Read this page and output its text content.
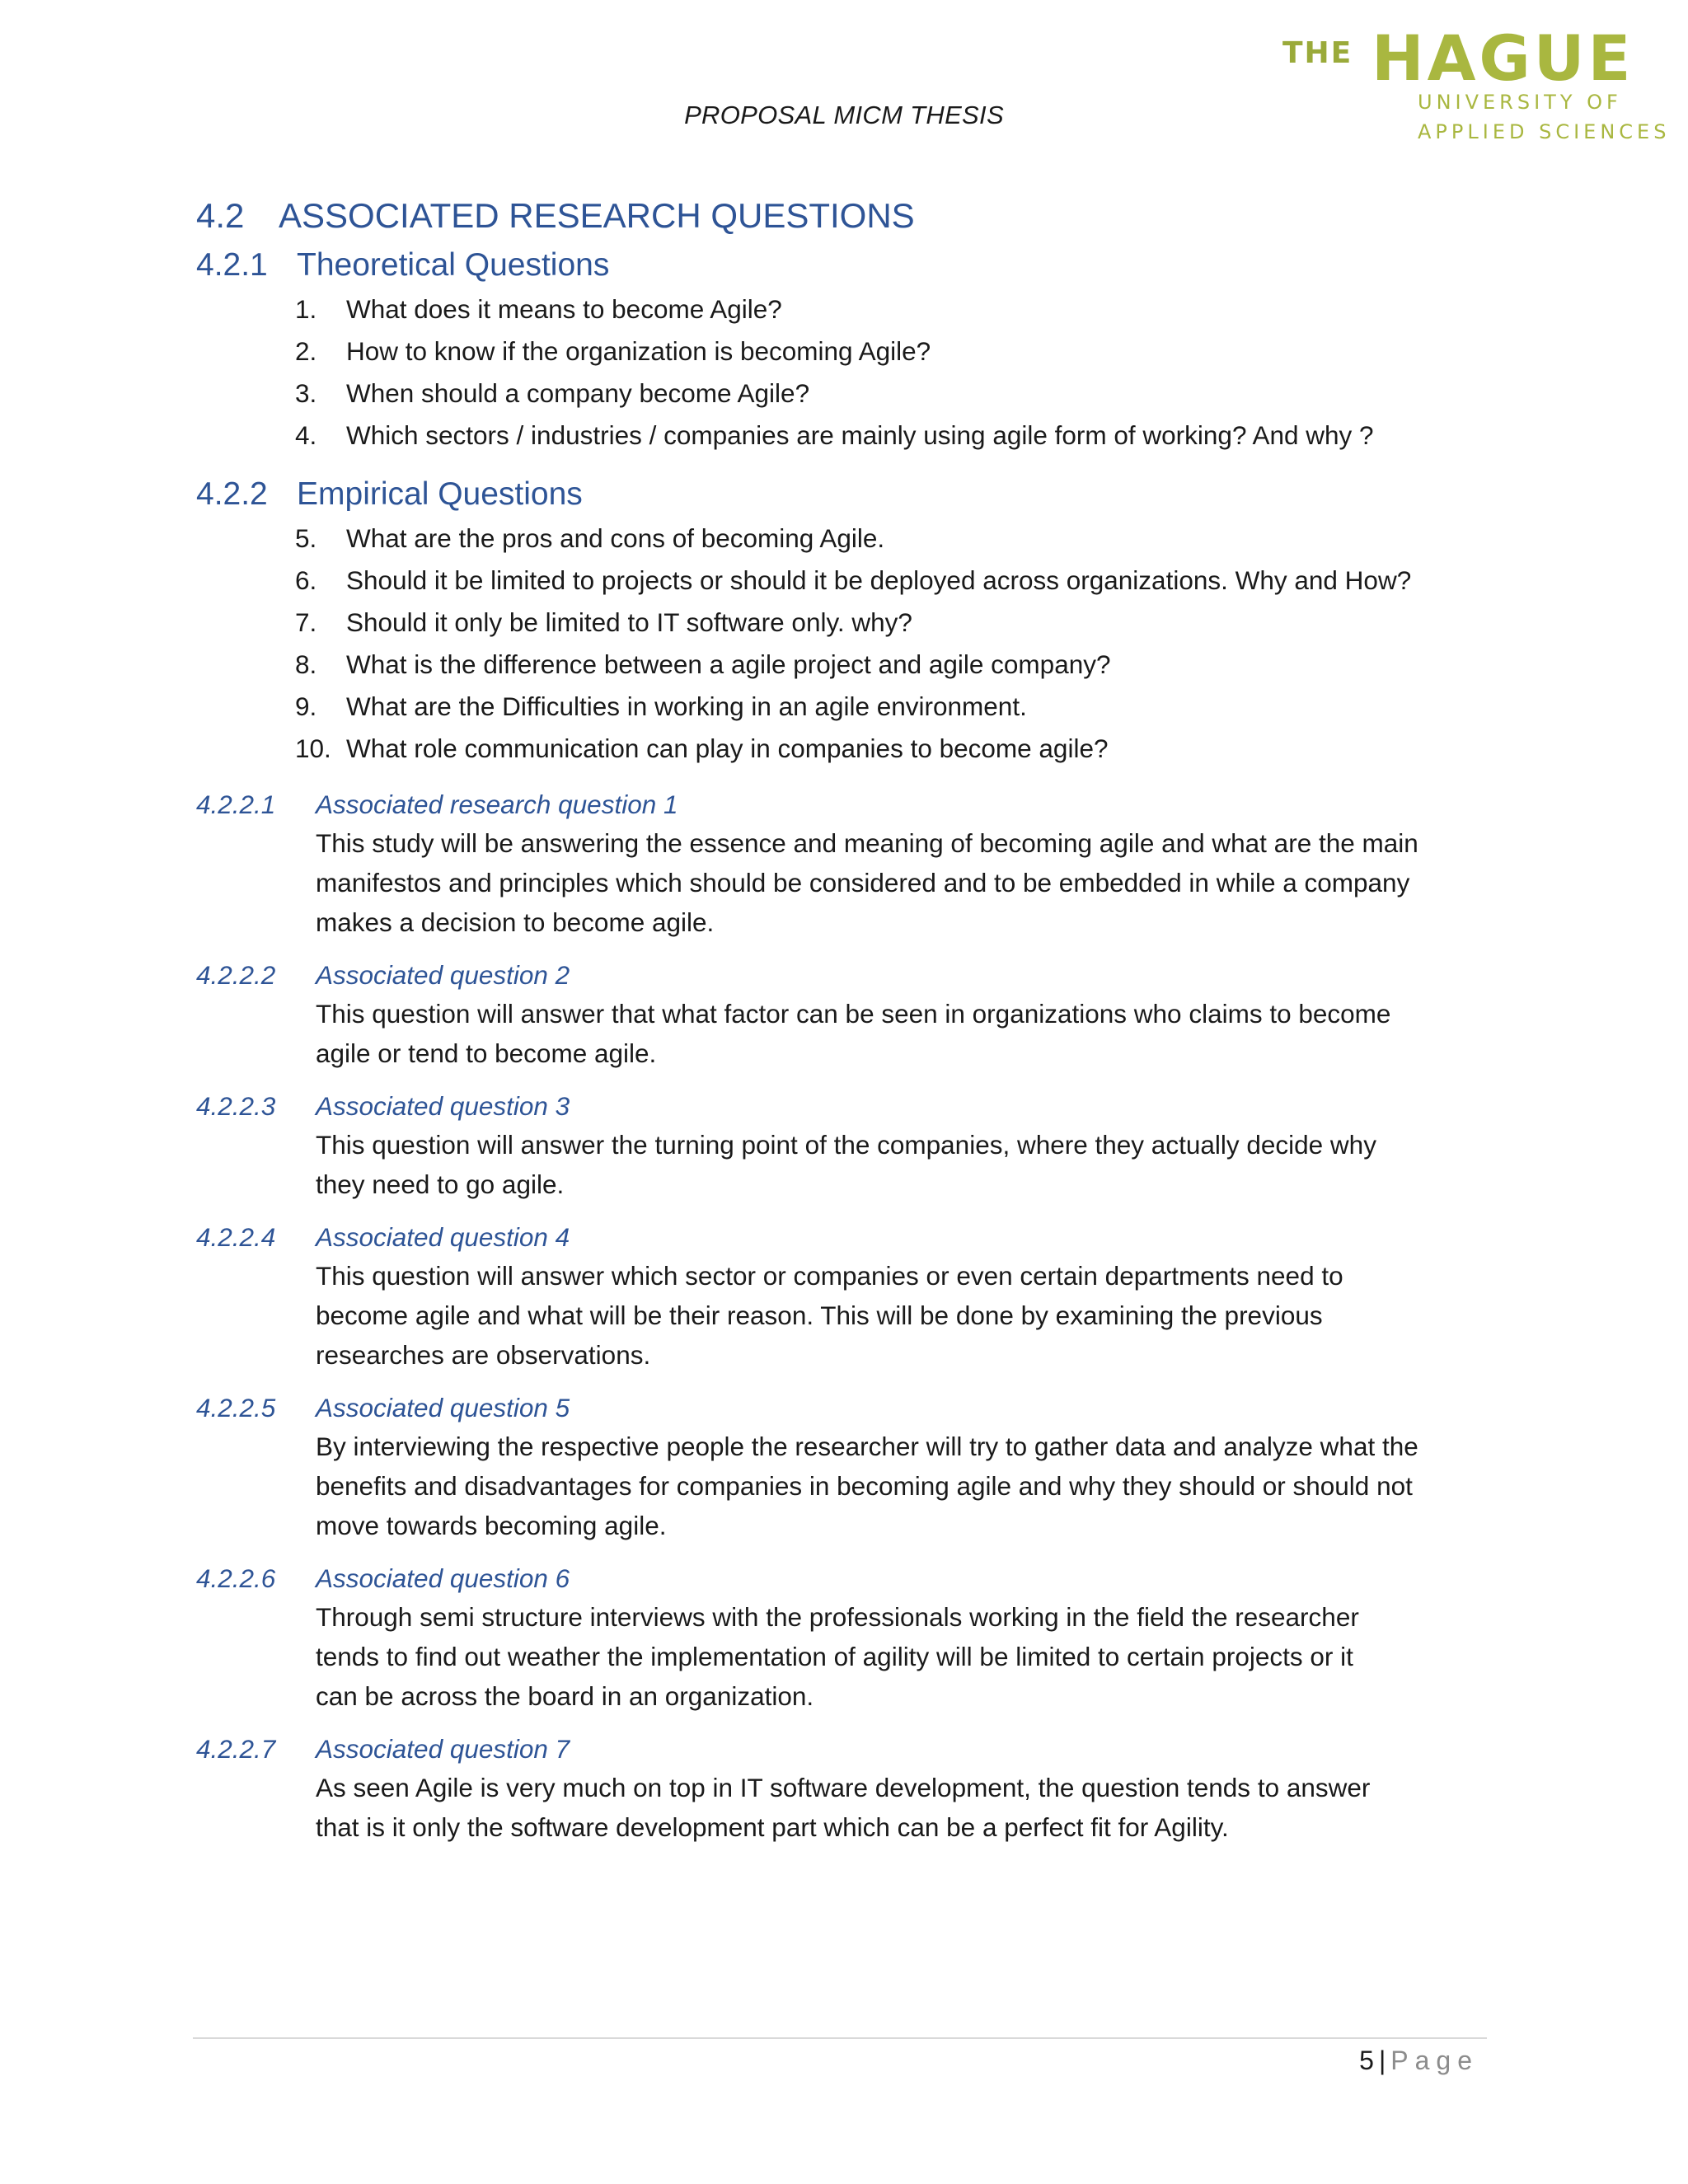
PROPOSAL MICM THESIS
THE HAGUE
UNIVERSITY OF
APPLIED SCIENCES
4.2 ASSOCIATED RESEARCH QUESTIONS
4.2.1 Theoretical Questions
1.	What does it means to become Agile?
2.	How to know if the organization is becoming Agile?
3.	When should a company become Agile?
4.	Which sectors / industries / companies are mainly using agile form of working? And why ?
4.2.2 Empirical Questions
5.	What are the pros and cons of becoming Agile.
6.	Should it be limited to projects or should it be deployed across organizations. Why and How?
7.	Should it only be limited to IT software only. why?
8.	What is the difference between a agile project and agile company?
9.	What are the Difficulties in working in an agile environment.
10. What role communication can play in companies to become agile?
4.2.2.1	Associated research question 1
This study will be answering the essence and meaning of becoming agile and what are the main
manifestos and principles which should be considered and to be embedded in while a company
makes a decision to become agile.
4.2.2.2	Associated question 2
This question will answer that what factor can be seen in organizations who claims to become
agile or tend to become agile.
4.2.2.3	Associated question 3
This question will answer the turning point of the companies, where they actually decide why
they need to go agile.
4.2.2.4	Associated question 4
This question will answer which sector or companies or even certain departments need to
become agile and what will be their reason. This will be done by examining the previous
researches are observations.
4.2.2.5	Associated question 5
By interviewing the respective people the researcher will try to gather data and analyze what the
benefits and disadvantages for companies in becoming agile and why they should or should not
move towards becoming agile.
4.2.2.6	Associated question 6
Through semi structure interviews with the professionals working in the field the researcher
tends to find out weather the implementation of agility will be limited to certain projects or it
can be across the board in an organization.
4.2.2.7	Associated question 7
As seen Agile is very much on top in IT software development, the question tends to answer
that is it only the software development part which can be a perfect fit for Agility.
5 | Page
